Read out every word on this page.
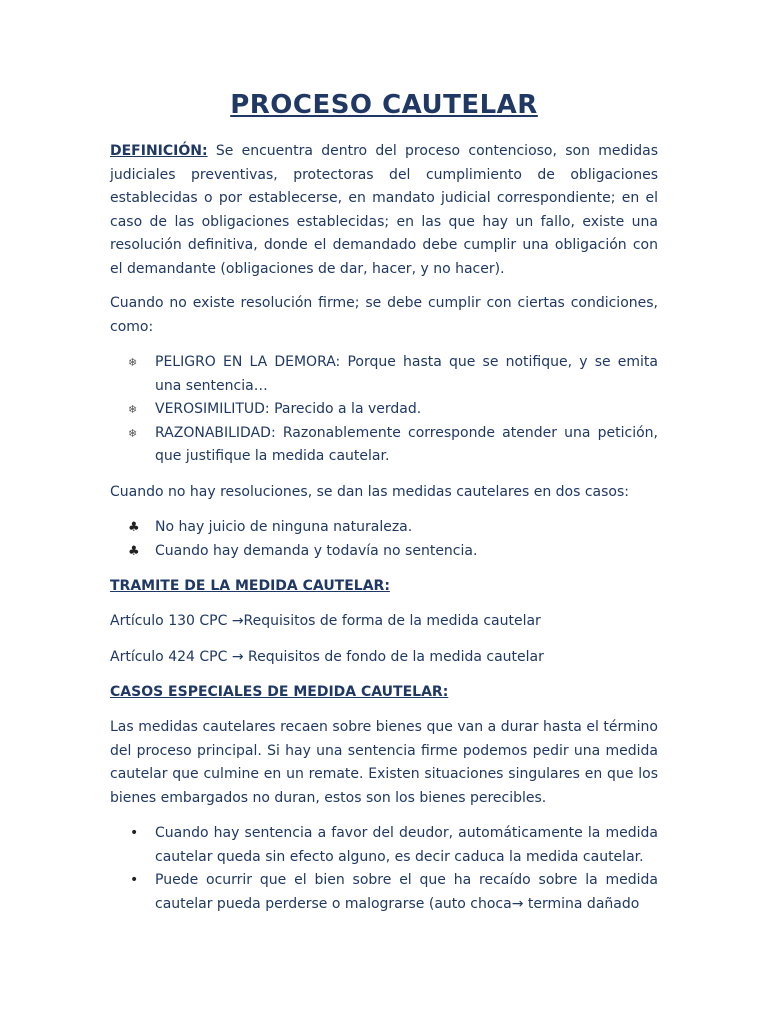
PROCESO CAUTELAR
DEFINICIÓN: Se encuentra dentro del proceso contencioso, son medidas judiciales preventivas, protectoras del cumplimiento de obligaciones establecidas o por establecerse, en mandato judicial correspondiente; en el caso de las obligaciones establecidas; en las que hay un fallo, existe una resolución definitiva, donde el demandado debe cumplir una obligación con el demandante (obligaciones de dar, hacer, y no hacer).
Cuando no existe resolución firme; se debe cumplir con ciertas condiciones, como:
❄ PELIGRO EN LA DEMORA: Porque hasta que se notifique, y se emita una sentencia…
❄ VEROSIMILITUD: Parecido a la verdad.
❄ RAZONABILIDAD: Razonablemente corresponde atender una petición, que justifique la medida cautelar.
Cuando no hay resoluciones, se dan las medidas cautelares en dos casos:
♣ No hay juicio de ninguna naturaleza.
♣ Cuando hay demanda y todavía no sentencia.
TRAMITE DE LA MEDIDA CAUTELAR:
Artículo 130 CPC →Requisitos de forma de la medida cautelar
Artículo 424 CPC → Requisitos de fondo de la medida cautelar
CASOS ESPECIALES DE MEDIDA CAUTELAR:
Las medidas cautelares recaen sobre bienes que van a durar hasta el término del proceso principal. Si hay una sentencia firme podemos pedir una medida cautelar que culmine en un remate. Existen situaciones singulares en que los bienes embargados no duran, estos son los bienes perecibles.
• Cuando hay sentencia a favor del deudor, automáticamente la medida cautelar queda sin efecto alguno, es decir caduca la medida cautelar.
• Puede ocurrir que el bien sobre el que ha recaído sobre la medida cautelar pueda perderse o malograrse (auto choca→ termina dañado
